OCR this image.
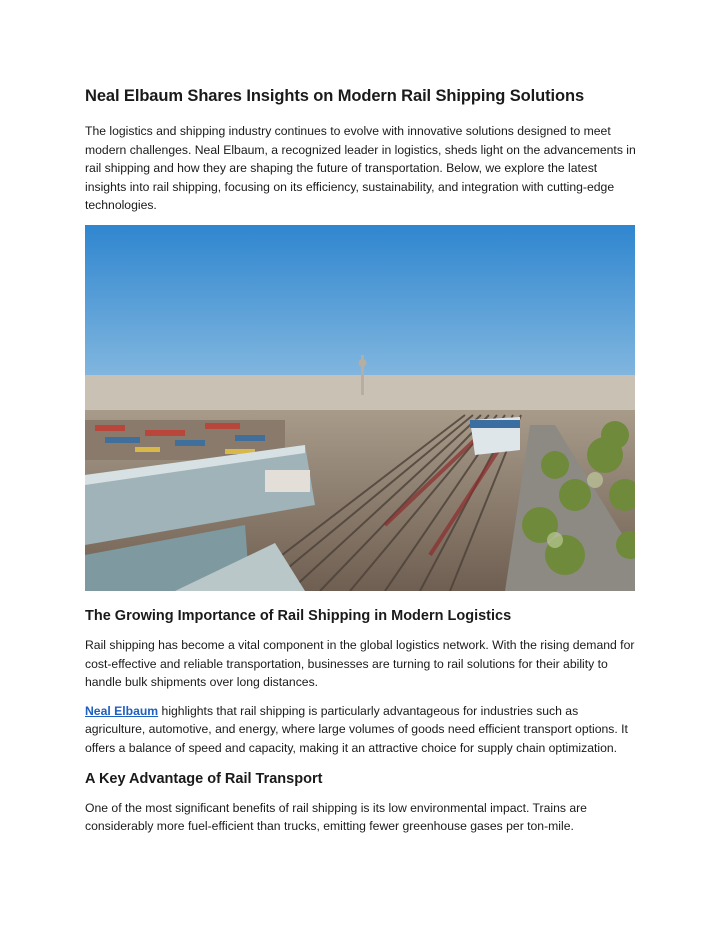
Neal Elbaum Shares Insights on Modern Rail Shipping Solutions

The logistics and shipping industry continues to evolve with innovative solutions designed to meet modern challenges. Neal Elbaum, a recognized leader in logistics, sheds light on the advancements in rail shipping and how they are shaping the future of transportation. Below, we explore the latest insights into rail shipping, focusing on its efficiency, sustainability, and integration with cutting-edge technologies.

The Growing Importance of Rail Shipping in Modern Logistics

Rail shipping has become a vital component in the global logistics network. With the rising demand for cost-effective and reliable transportation, businesses are turning to rail solutions for their ability to handle bulk shipments over long distances.

Neal Elbaum highlights that rail shipping is particularly advantageous for industries such as agriculture, automotive, and energy, where large volumes of goods need efficient transport options. It offers a balance of speed and capacity, making it an attractive choice for supply chain optimization.

A Key Advantage of Rail Transport

One of the most significant benefits of rail shipping is its low environmental impact. Trains are considerably more fuel-efficient than trucks, emitting fewer greenhouse gases per ton-mile.
